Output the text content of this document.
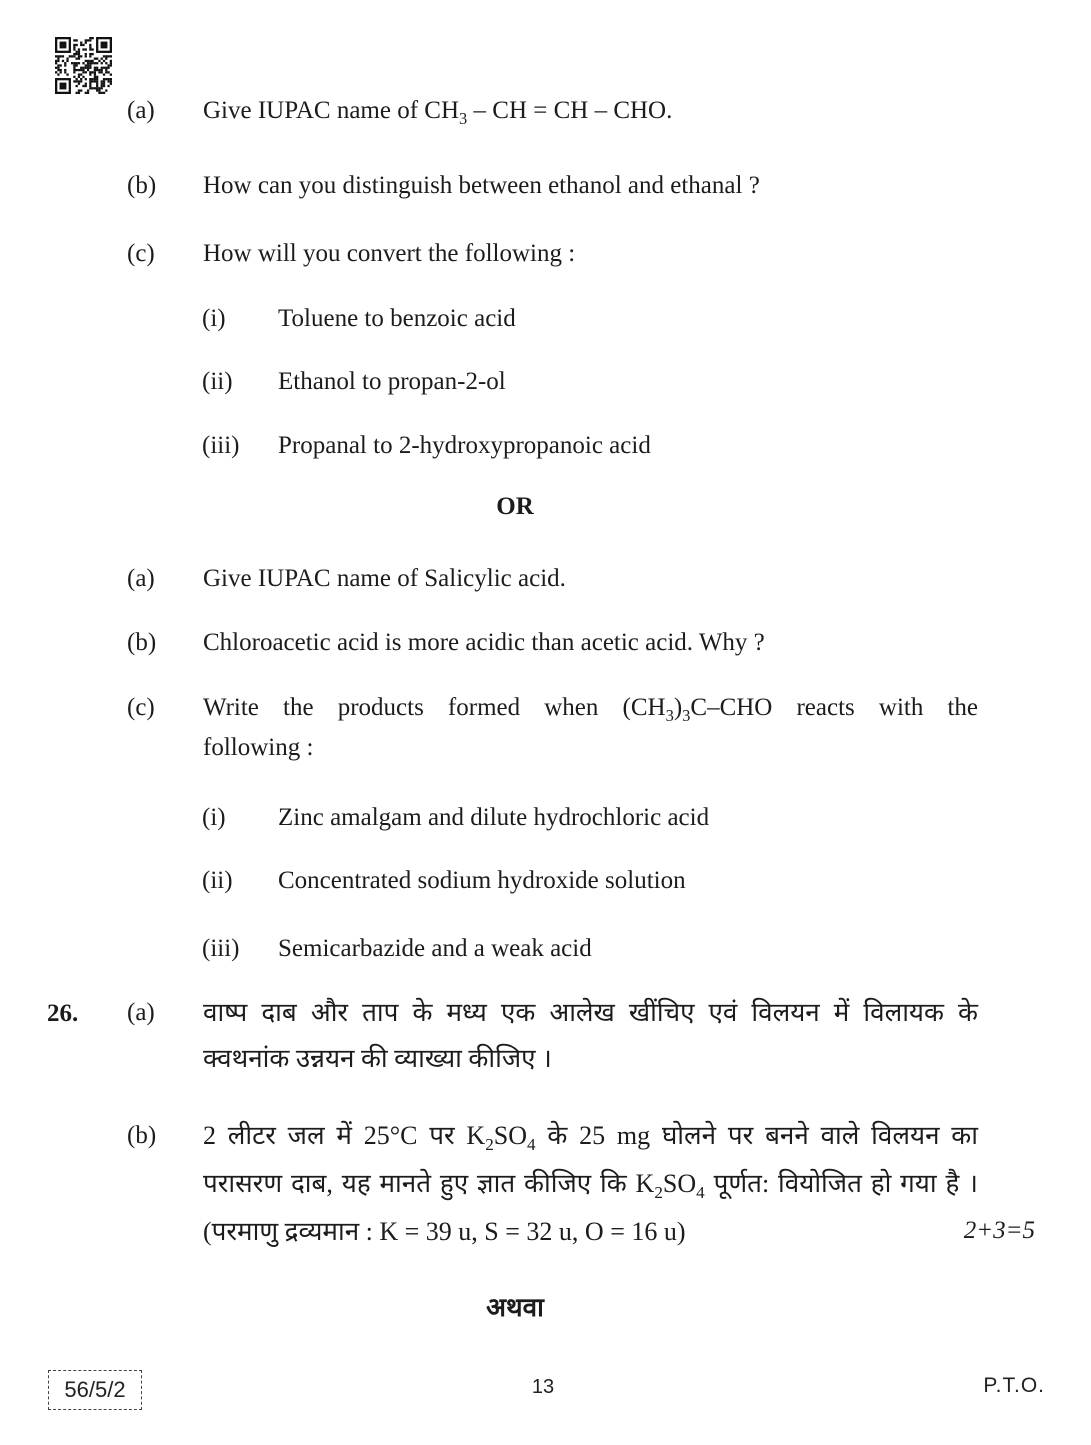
(a)	Give IUPAC name of $CH_3$ – CH = CH – CHO.
(b)	How can you distinguish between ethanol and ethanal ?
(c)	How will you convert the following :
(i)	Toluene to benzoic acid
(ii)	Ethanol to propan-2-ol
(iii)	Propanal to 2-hydroxypropanoic acid
OR
(a)	Give IUPAC name of Salicylic acid.
(b)	Chloroacetic acid is more acidic than acetic acid. Why ?
(c)	Write the products formed when $(CH_3)_3C$–CHO reacts with the
following :
(i)	Zinc amalgam and dilute hydrochloric acid
(ii)	Concentrated sodium hydroxide solution
(iii)	Semicarbazide and a weak acid
26. (a)	वाष्प दाब और ताप के मध्य एक आलेख खींचिए एवं विलयन में विलायक के
क्वथनांक उन्नयन की व्याख्या कीजिए ।
(b)	2 लीटर जल में 25°C पर $K_2SO_4$ के 25 mg घोलने पर बनने वाले विलयन का
परासरण दाब, यह मानते हुए ज्ञात कीजिए कि $K_2SO_4$ पूर्णत: वियोजित हो गया है ।
(परमाणु द्रव्यमान : K = 39 u, S = 32 u, O = 16 u)	2+3=5
अथवा
56/5/2	13	P.T.O.
